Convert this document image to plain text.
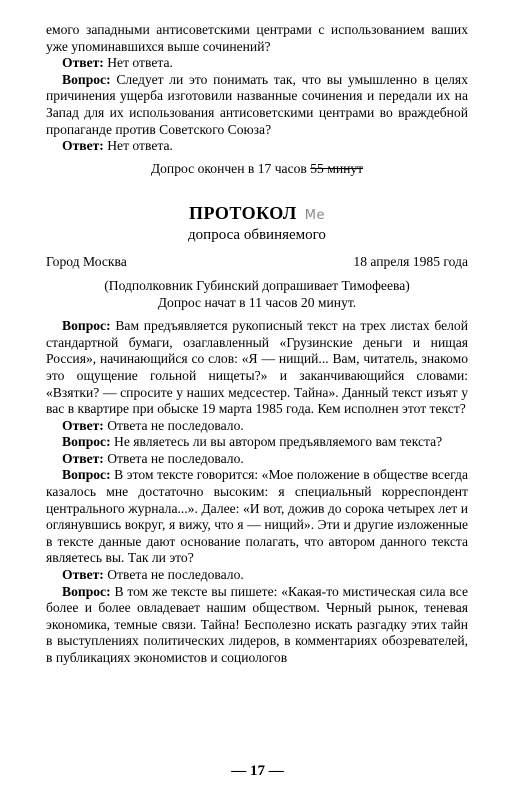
емого западными антисоветскими центрами с использованием ваших уже упоминавшихся выше сочинений?

Ответ: Нет ответа.

Вопрос: Следует ли это понимать так, что вы умышленно в целях причинения ущерба изготовили названные сочинения и передали их на Запад для их использования антисоветскими центрами во враждебной пропаганде против Советского Союза?

Ответ: Нет ответа.

Допрос окончен в 17 часов 55 минут
ПРОТОКОЛ Ме
допроса обвиняемого
Город Москва	18 апреля 1985 года

(Подполковник Губинский допрашивает Тимофеева)

Допрос начат в 11 часов 20 минут.

Вопрос: Вам предъявляется рукописный текст на трех листах белой стандартной бумаги, озаглавленный «Грузинские деньги и нищая Россия», начинающийся со слов: «Я — нищий... Вам, читатель, знакомо это ощущение гольной нищеты?» и заканчивающийся словами: «Взятки? — спросите у наших медсестер. Тайна». Данный текст изъят у вас в квартире при обыске 19 марта 1985 года. Кем исполнен этот текст?

Ответ: Ответа не последовало.

Вопрос: Не являетесь ли вы автором предъявляемого вам текста?

Ответ: Ответа не последовало.

Вопрос: В этом тексте говорится: «Мое положение в обществе всегда казалось мне достаточно высоким: я специальный корреспондент центрального журнала...». Далее: «И вот, дожив до сорока четырех лет и оглянувшись вокруг, я вижу, что я — нищий». Эти и другие изложенные в тексте данные дают основание полагать, что автором данного текста являетесь вы. Так ли это?

Ответ: Ответа не последовало.

Вопрос: В том же тексте вы пишете: «Какая-то мистическая сила все более и более овладевает нашим обществом. Черный рынок, теневая экономика, темные связи. Тайна! Бесполезно искать разгадку этих тайн в выступлениях политических лидеров, в комментариях обозревателей, в публикациях экономистов и социологов

— 17 —
